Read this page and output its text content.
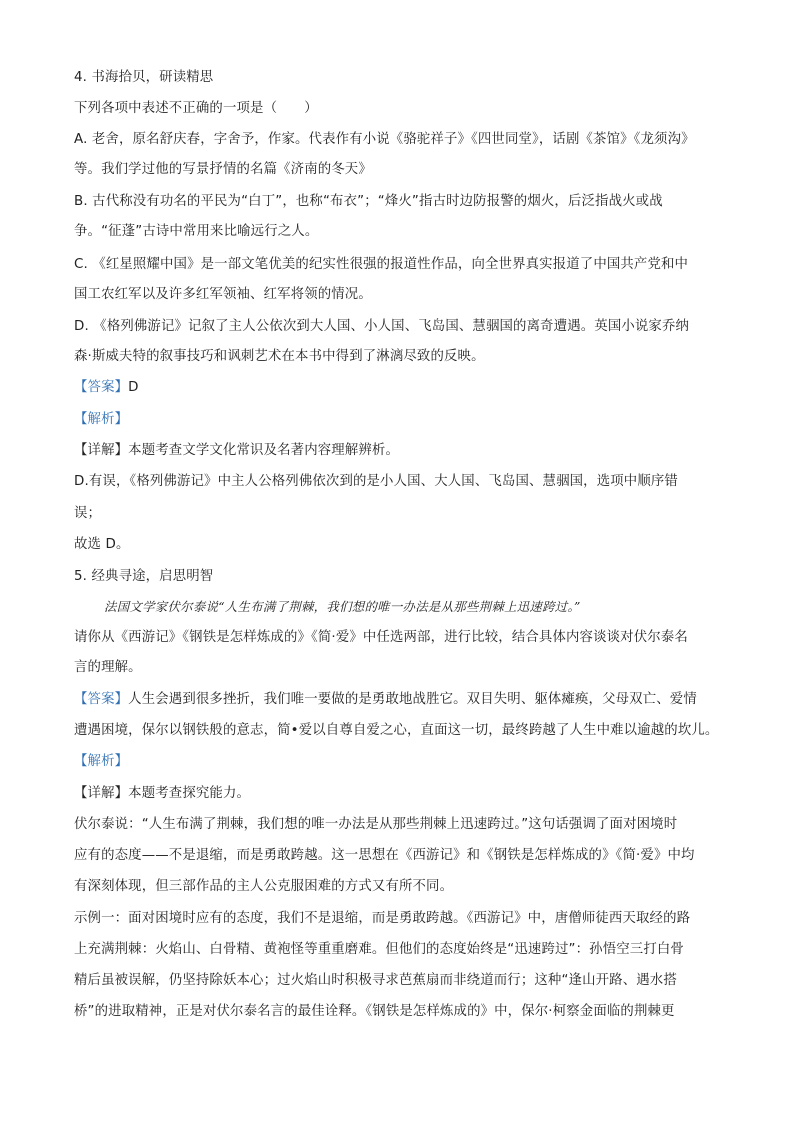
4. 书海拾贝，研读精思
下列各项中表述不正确的一项是（　　）
A. 老舍，原名舒庆春，字舍予，作家。代表作有小说《骆驼祥子》《四世同堂》，话剧《茶馆》《龙须沟》
等。我们学过他的写景抒情的名篇《济南的冬天》
B. 古代称没有功名的平民为“白丁”，也称“布衣”；“烽火”指古时边防报警的烟火，后泛指战火或战
争。“征蓬”古诗中常用来比喻远行之人。
C. 《红星照耀中国》是一部文笔优美的纪实性很强的报道性作品，向全世界真实报道了中国共产党和中
国工农红军以及许多红军领袖、红军将领的情况。
D. 《格列佛游记》记叙了主人公依次到大人国、小人国、飞岛国、慧骃国的离奇遭遇。英国小说家乔纳
森·斯威夫特的叙事技巧和讽刺艺术在本书中得到了淋漓尽致的反映。
【答案】D
【解析】
【详解】本题考查文学文化常识及名著内容理解辨析。
D.有误，《格列佛游记》中主人公格列佛依次到的是小人国、大人国、飞岛国、慧骃国，选项中顺序错
误；
故选 D。
5. 经典寻途，启思明智
法国文学家伏尔泰说“人生布满了荆棘，我们想的唯一办法是从那些荆棘上迅速跨过。”
请你从《西游记》《钢铁是怎样炼成的》《简·爱》中任选两部，进行比较，结合具体内容谈谈对伏尔泰名
言的理解。
【答案】人生会遇到很多挫折，我们唯一要做的是勇敢地战胜它。双目失明、躯体瘫痪，父母双亡、爱情
遭遇困境，保尔以钢铁般的意志，简•爱以自尊自爱之心，直面这一切，最终跨越了人生中难以逾越的坎儿。
【解析】
【详解】本题考查探究能力。
伏尔泰说：“人生布满了荆棘，我们想的唯一办法是从那些荆棘上迅速跨过。”这句话强调了面对困境时
应有的态度——不是退缩，而是勇敢跨越。这一思想在《西游记》和《钢铁是怎样炼成的》《简·爱》中均
有深刻体现，但三部作品的主人公克服困难的方式又有所不同。
示例一：面对困境时应有的态度，我们不是退缩，而是勇敢跨越。《西游记》中，唐僧师徒西天取经的路
上充满荆棘：火焰山、白骨精、黄袍怪等重重磨难。但他们的态度始终是“迅速跨过”：孙悟空三打白骨
精后虽被误解，仍坚持除妖本心；过火焰山时积极寻求芭蕉扇而非绕道而行；这种“逢山开路、遇水搭
桥”的进取精神，正是对伏尔泰名言的最佳诠释。《钢铁是怎样炼成的》中，保尔·柯察金面临的荆棘更
